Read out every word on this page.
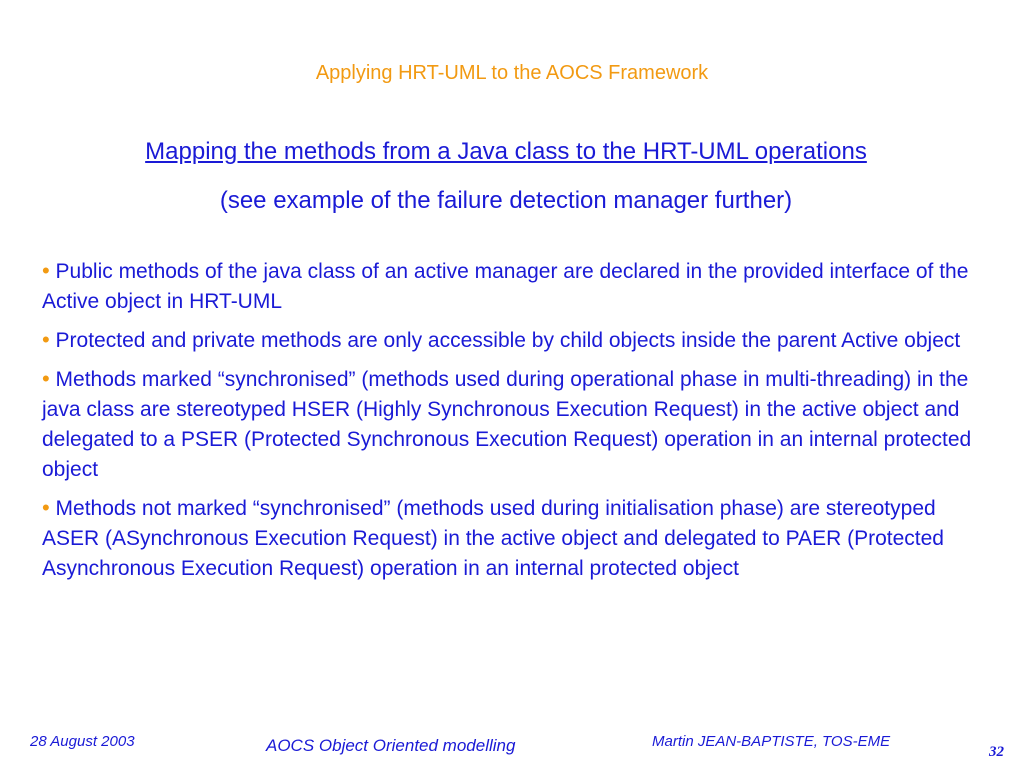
Applying HRT-UML to the AOCS Framework
Mapping the methods from a Java class to the HRT-UML operations
(see example of the failure detection manager further)
• Public methods of the java class of an active manager are declared in the provided interface of the Active object in HRT-UML
• Protected and private methods are only accessible by child objects inside the parent Active object
• Methods marked “synchronised” (methods used during operational phase in multi-threading) in the java class are stereotyped HSER (Highly Synchronous Execution Request) in the active object and delegated to a PSER (Protected Synchronous Execution Request) operation in an internal protected object
• Methods not marked “synchronised” (methods used during initialisation phase) are stereotyped ASER (ASynchronous Execution Request) in the active object and delegated to PAER (Protected Asynchronous Execution Request) operation in an internal protected object
28 August 2003	AOCS Object Oriented modelling	Martin JEAN-BAPTISTE, TOS-EME
32
